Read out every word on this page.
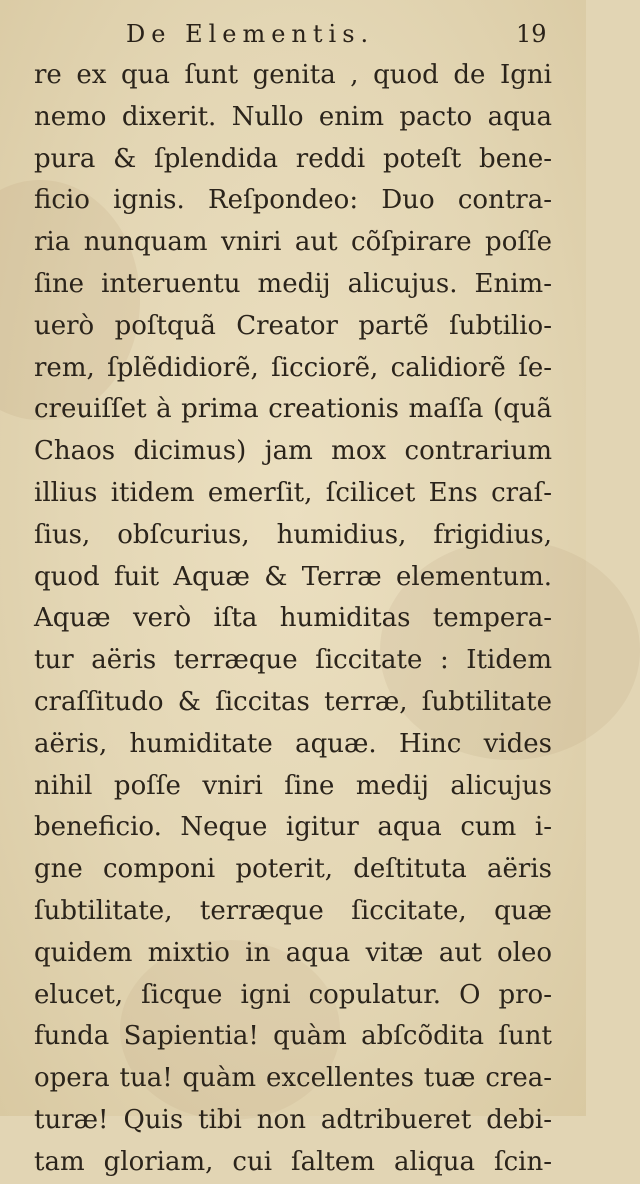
De Elementis.	19
re ex qua ſunt genita , quod de Igni
nemo dixerit. Nullo enim pacto aqua
pura & ſplendida reddi poteſt bene-
ficio ignis. Reſpondeo: Duo contra-
ria nunquam vniri aut cõſpirare poſſe
ſine interuentu medij alicujus. Enim-
uerò poſtquã Creator partẽ ſubtilio-
rem, ſplẽdidiorẽ, ſicciorẽ, calidiorẽ ſe-
creuiſſet à prima creationis maſſa (quã
Chaos dicimus) jam mox contrarium
illius itidem emerſit, ſcilicet Ens craſ-
ſius, obſcurius, humidius, frigidius,
quod fuit Aquæ & Terræ elementum.
Aquæ verò iſta humiditas tempera-
tur aëris terræque ſiccitate : Itidem
craſſitudo & ſiccitas terræ, ſubtilitate
aëris, humiditate aquæ. Hinc vides
nihil poſſe vniri ſine medij alicujus
beneficio. Neque igitur aqua cum i-
gne componi poterit, deſtituta aëris
ſubtilitate, terræque ſiccitate, quæ
quidem mixtio in aqua vitæ aut oleo
elucet, ſicque igni copulatur. O pro-
funda Sapientia! quàm abſcõdita ſunt
opera tua! quàm excellentes tuæ crea-
turæ! Quis tibi non adtribueret debi-
tam gloriam, cui ſaltem aliqua ſcin-
